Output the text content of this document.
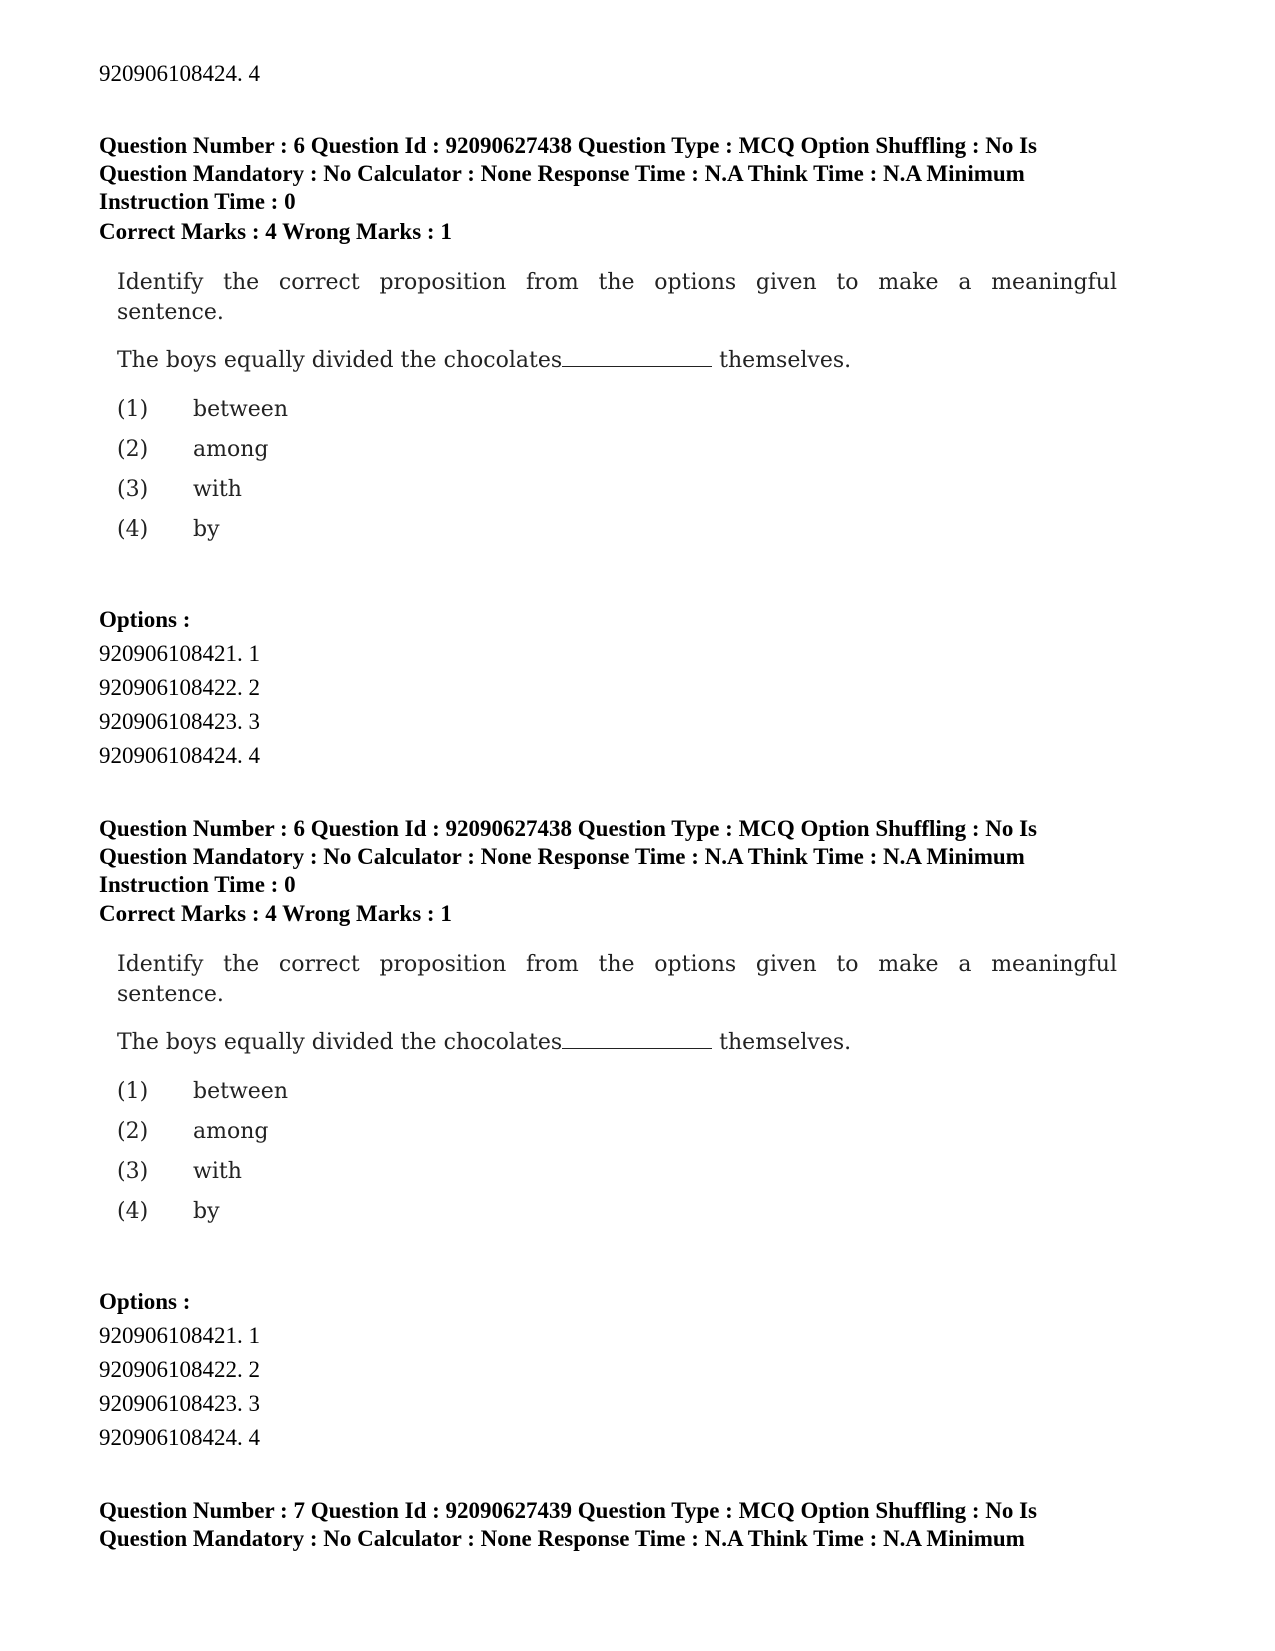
920906108424. 4
Question Number : 6 Question Id : 92090627438 Question Type : MCQ Option Shuffling : No Is Question Mandatory : No Calculator : None Response Time : N.A Think Time : N.A Minimum Instruction Time : 0
Correct Marks : 4 Wrong Marks : 1

Identify the correct proposition from the options given to make a meaningful sentence.

The boys equally divided the chocolates	themselves.

(1) between
(2) among
(3) with
(4) by
Options :
920906108421. 1
920906108422. 2
920906108423. 3
920906108424. 4
Question Number : 6 Question Id : 92090627438 Question Type : MCQ Option Shuffling : No Is Question Mandatory : No Calculator : None Response Time : N.A Think Time : N.A Minimum Instruction Time : 0
Correct Marks : 4 Wrong Marks : 1

Identify the correct proposition from the options given to make a meaningful sentence.

The boys equally divided the chocolates	themselves.

(1) between
(2) among
(3) with
(4) by
Options :
920906108421. 1
920906108422. 2
920906108423. 3
920906108424. 4
Question Number : 7 Question Id : 92090627439 Question Type : MCQ Option Shuffling : No Is Question Mandatory : No Calculator : None Response Time : N.A Think Time : N.A Minimum
